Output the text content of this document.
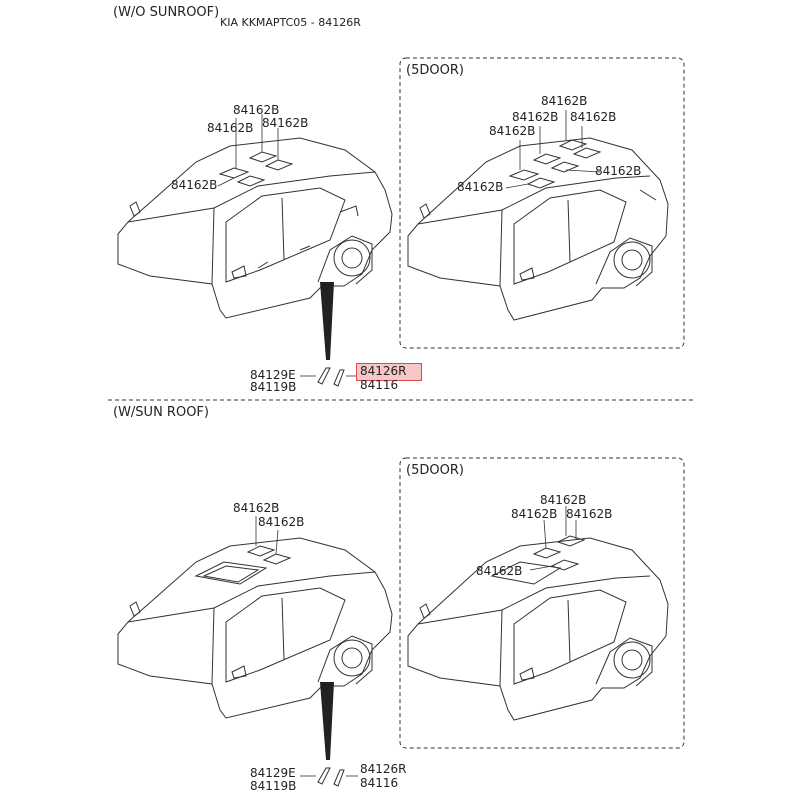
(W/O SUNROOF)
KIA KKMAPTC05 - 84126R
(W/SUN ROOF)
(5DOOR)
(5DOOR)
84162B
84162B 84162B
84162B
84162B
84162B 84162B
84162B
84162B
84162B
84129E
84119B
84126R
84116
84162B
84162B
84162B
84162B 84162B
84162B
84129E
84119B
84126R
84116
